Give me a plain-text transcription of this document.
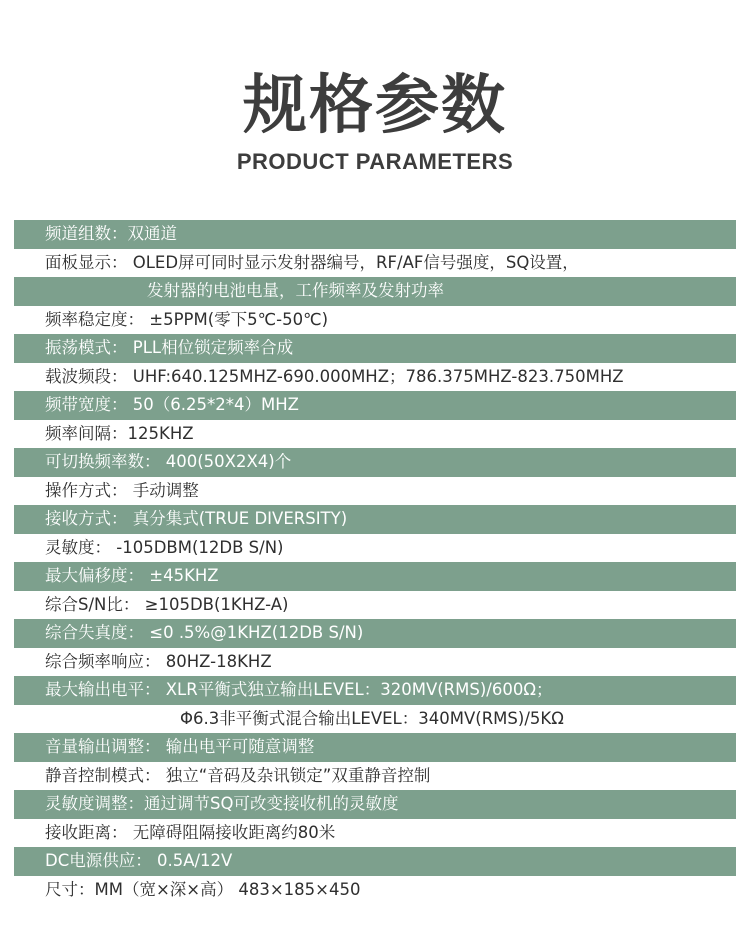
规格参数
PRODUCT PARAMETERS
频道组数：双通道
面板显示： OLED屏可同时显示发射器编号，RF/AF信号强度，SQ设置，
发射器的电池电量，工作频率及发射功率
频率稳定度： ±5PPM(零下5℃-50℃)
振荡模式： PLL相位锁定频率合成
载波频段： UHF:640.125MHZ-690.000MHZ；786.375MHZ-823.750MHZ
频带宽度： 50（6.25*2*4）MHZ
频率间隔：125KHZ
可切换频率数： 400(50X2X4)个
操作方式： 手动调整
接收方式： 真分集式(TRUE DIVERSITY)
灵敏度： -105DBM(12DB S/N)
最大偏移度： ±45KHZ
综合S/N比： ≥105DB(1KHZ-A)
综合失真度： ≤0 .5%@1KHZ(12DB S/N)
综合频率响应： 80HZ-18KHZ
最大输出电平： XLR平衡式独立输出LEVEL：320MV(RMS)/600Ω；
Φ6.3非平衡式混合输出LEVEL：340MV(RMS)/5KΩ
音量输出调整： 输出电平可随意调整
静音控制模式： 独立“音码及杂讯锁定”双重静音控制
灵敏度调整：通过调节SQ可改变接收机的灵敏度
接收距离： 无障碍阻隔接收距离约80米
DC电源供应： 0.5A/12V
尺寸：MM（宽×深×高） 483×185×450
